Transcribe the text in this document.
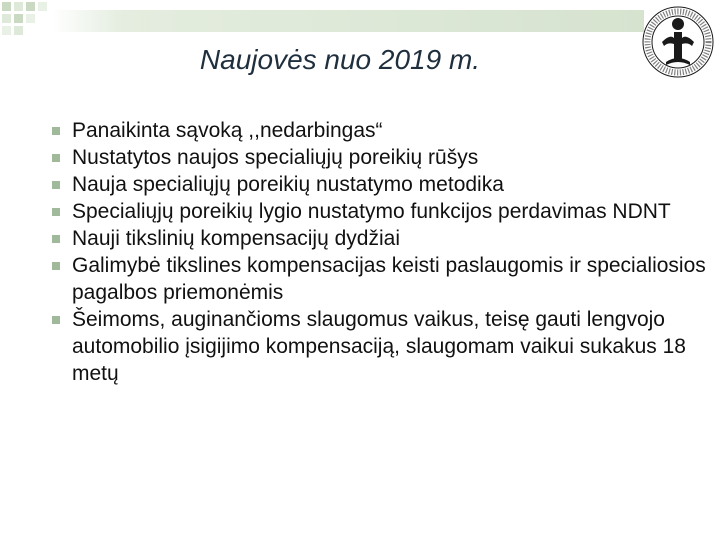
Naujovės nuo 2019 m.
Panaikinta sąvoką ,,nedarbingas“
Nustatytos naujos specialiųjų poreikių rūšys
Nauja specialiųjų poreikių nustatymo metodika
Specialiųjų poreikių lygio nustatymo funkcijos perdavimas NDNT
Nauji tikslinių kompensacijų dydžiai
Galimybė tikslines kompensacijas keisti paslaugomis ir specialiosios pagalbos priemonėmis
Šeimoms, auginančioms slaugomus vaikus, teisę gauti lengvojo automobilio įsigijimo kompensaciją, slaugomam vaikui sukakus 18 metų
